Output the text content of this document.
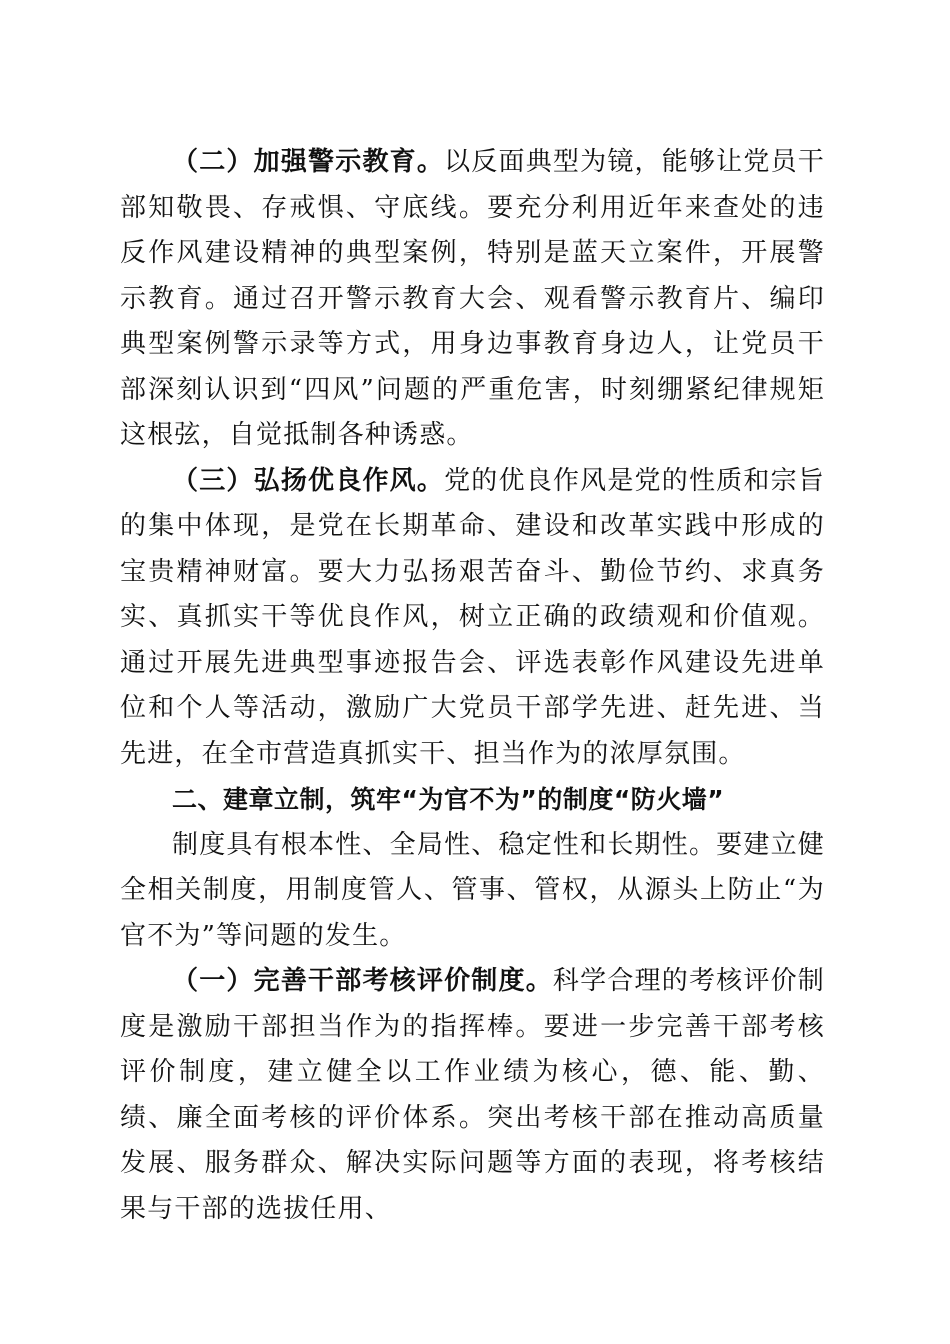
（二）加强警示教育。以反面典型为镜，能够让党员干部知敬畏、存戒惧、守底线。要充分利用近年来查处的违反作风建设精神的典型案例，特别是蓝天立案件，开展警示教育。通过召开警示教育大会、观看警示教育片、编印典型案例警示录等方式，用身边事教育身边人，让党员干部深刻认识到“四风”问题的严重危害，时刻绷紧纪律规矩这根弦，自觉抵制各种诱惑。

（三）弘扬优良作风。党的优良作风是党的性质和宗旨的集中体现，是党在长期革命、建设和改革实践中形成的宝贵精神财富。要大力弘扬艰苦奋斗、勤俭节约、求真务实、真抓实干等优良作风，树立正确的政绩观和价值观。通过开展先进典型事迹报告会、评选表彰作风建设先进单位和个人等活动，激励广大党员干部学先进、赶先进、当先进，在全市营造真抓实干、担当作为的浓厚氛围。

二、建章立制，筑牢“为官不为”的制度“防火墙”

制度具有根本性、全局性、稳定性和长期性。要建立健全相关制度，用制度管人、管事、管权，从源头上防止“为官不为”等问题的发生。

（一）完善干部考核评价制度。科学合理的考核评价制度是激励干部担当作为的指挥棒。要进一步完善干部考核评价制度，建立健全以工作业绩为核心，德、能、勤、绩、廉全面考核的评价体系。突出考核干部在推动高质量发展、服务群众、解决实际问题等方面的表现，将考核结果与干部的选拔任用、
